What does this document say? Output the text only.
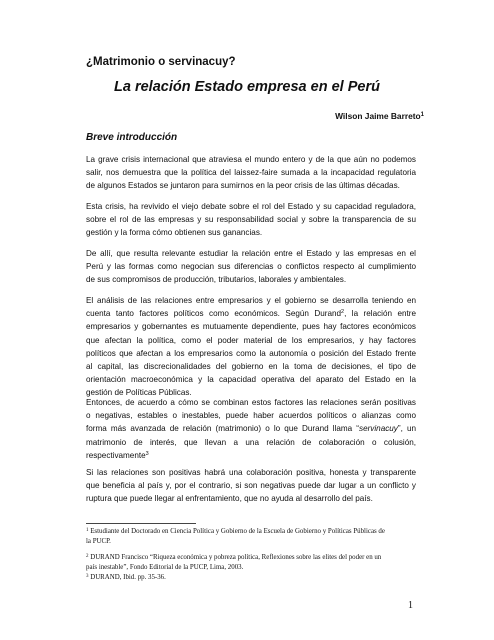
¿Matrimonio o servinacuy?
La relación Estado empresa en el Perú
Wilson Jaime Barreto$^1$
Breve introducción
La grave crisis internacional que atraviesa el mundo entero y de la que aún no podemos
salir, nos demuestra que la política del laissez-faire sumada a la incapacidad regulatoria
de algunos Estados se juntaron para sumirnos en la peor crisis de las últimas décadas.
Esta crisis, ha revivido el viejo debate sobre el rol del Estado y su capacidad reguladora,
sobre el rol de las empresas y su responsabilidad social y sobre la transparencia de su
gestión y la forma cómo obtienen sus ganancias.
De allí, que resulta relevante estudiar la relación entre el Estado y las empresas en el
Perú y las formas como negocian sus diferencias o conflictos respecto al cumplimiento
de sus compromisos de producción, tributarios, laborales y ambientales.
El análisis de las relaciones entre empresarios y el gobierno se desarrolla teniendo en
cuenta tanto factores políticos como económicos. Según Durand$^2$, la relación entre
empresarios y gobernantes es mutuamente dependiente, pues hay factores económicos
que afectan la política, como el poder material de los empresarios, y hay factores
políticos que afectan a los empresarios como la autonomía o posición del Estado frente
al capital, las discrecionalidades del gobierno en la toma de decisiones, el tipo de
orientación macroeconómica y la capacidad operativa del aparato del Estado en la
gestión de Políticas Públicas.
Entonces, de acuerdo a cómo se combinan estos factores las relaciones serán positivas
o negativas, estables o inestables, puede haber acuerdos políticos o alianzas como
forma más avanzada de relación (matrimonio) o lo que Durand llama “servinacuy”, un
matrimonio de interés, que llevan a una relación de colaboración o colusión,
respectivamente$^3$
Si las relaciones son positivas habrá una colaboración positiva, honesta y transparente
que beneficia al país y, por el contrario, si son negativas puede dar lugar a un conflicto y
ruptura que puede llegar al enfrentamiento, que no ayuda al desarrollo del país.
$^1$ Estudiante del Doctorado en Ciencia Política y Gobierno de la Escuela de Gobierno y Políticas Públicas de
la PUCP.
$^2$ DURAND Francisco “Riqueza económica y pobreza política, Reflexiones sobre las elites del poder en un
país inestable”, Fondo Editorial de la PUCP, Lima, 2003.
$^3$ DURAND, Ibid. pp. 35-36.
1
